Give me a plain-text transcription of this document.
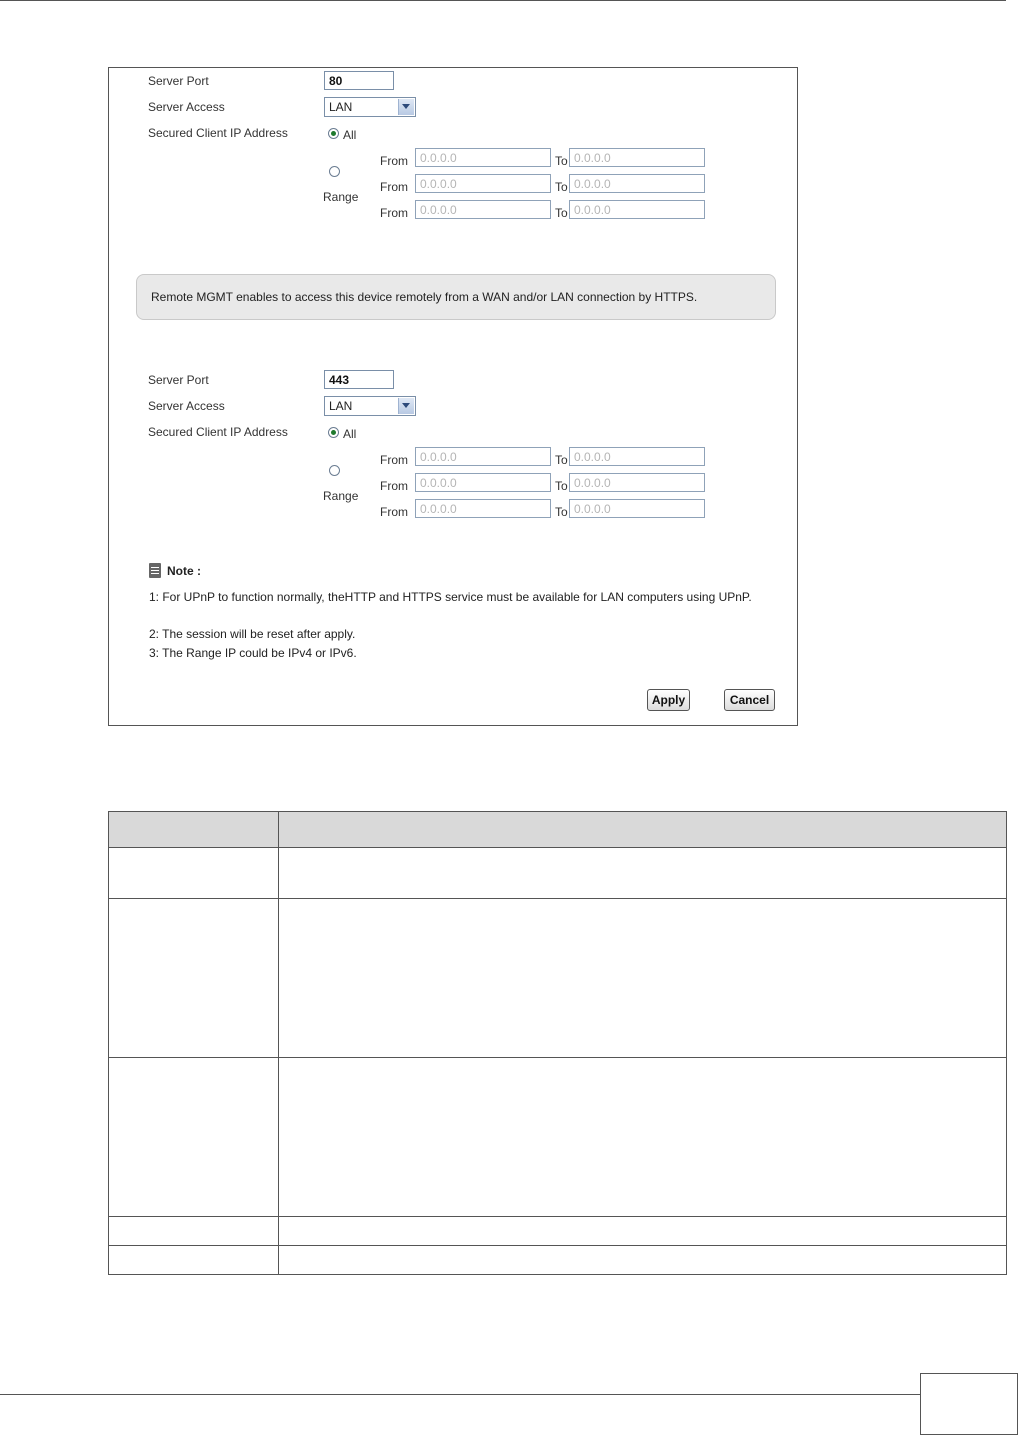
Server Port	80
Server Access	LAN
Secured Client IP Address	All
Range
From	0.0.0.0	To 0.0.0.0
From	0.0.0.0	To 0.0.0.0
From	0.0.0.0	To 0.0.0.0
Remote MGMT enables to access this device remotely from a WAN and/or LAN connection by HTTPS.
Server Port	443
Server Access	LAN
Secured Client IP Address	All
Range
From	0.0.0.0	To 0.0.0.0
From	0.0.0.0	To 0.0.0.0
From	0.0.0.0	To 0.0.0.0
Note :
1: For UPnP to function normally, theHTTP and HTTPS service must be available for LAN computers using UPnP.
2: The session will be reset after apply.
3: The Range IP could be IPv4 or IPv6.
Apply	Cancel
